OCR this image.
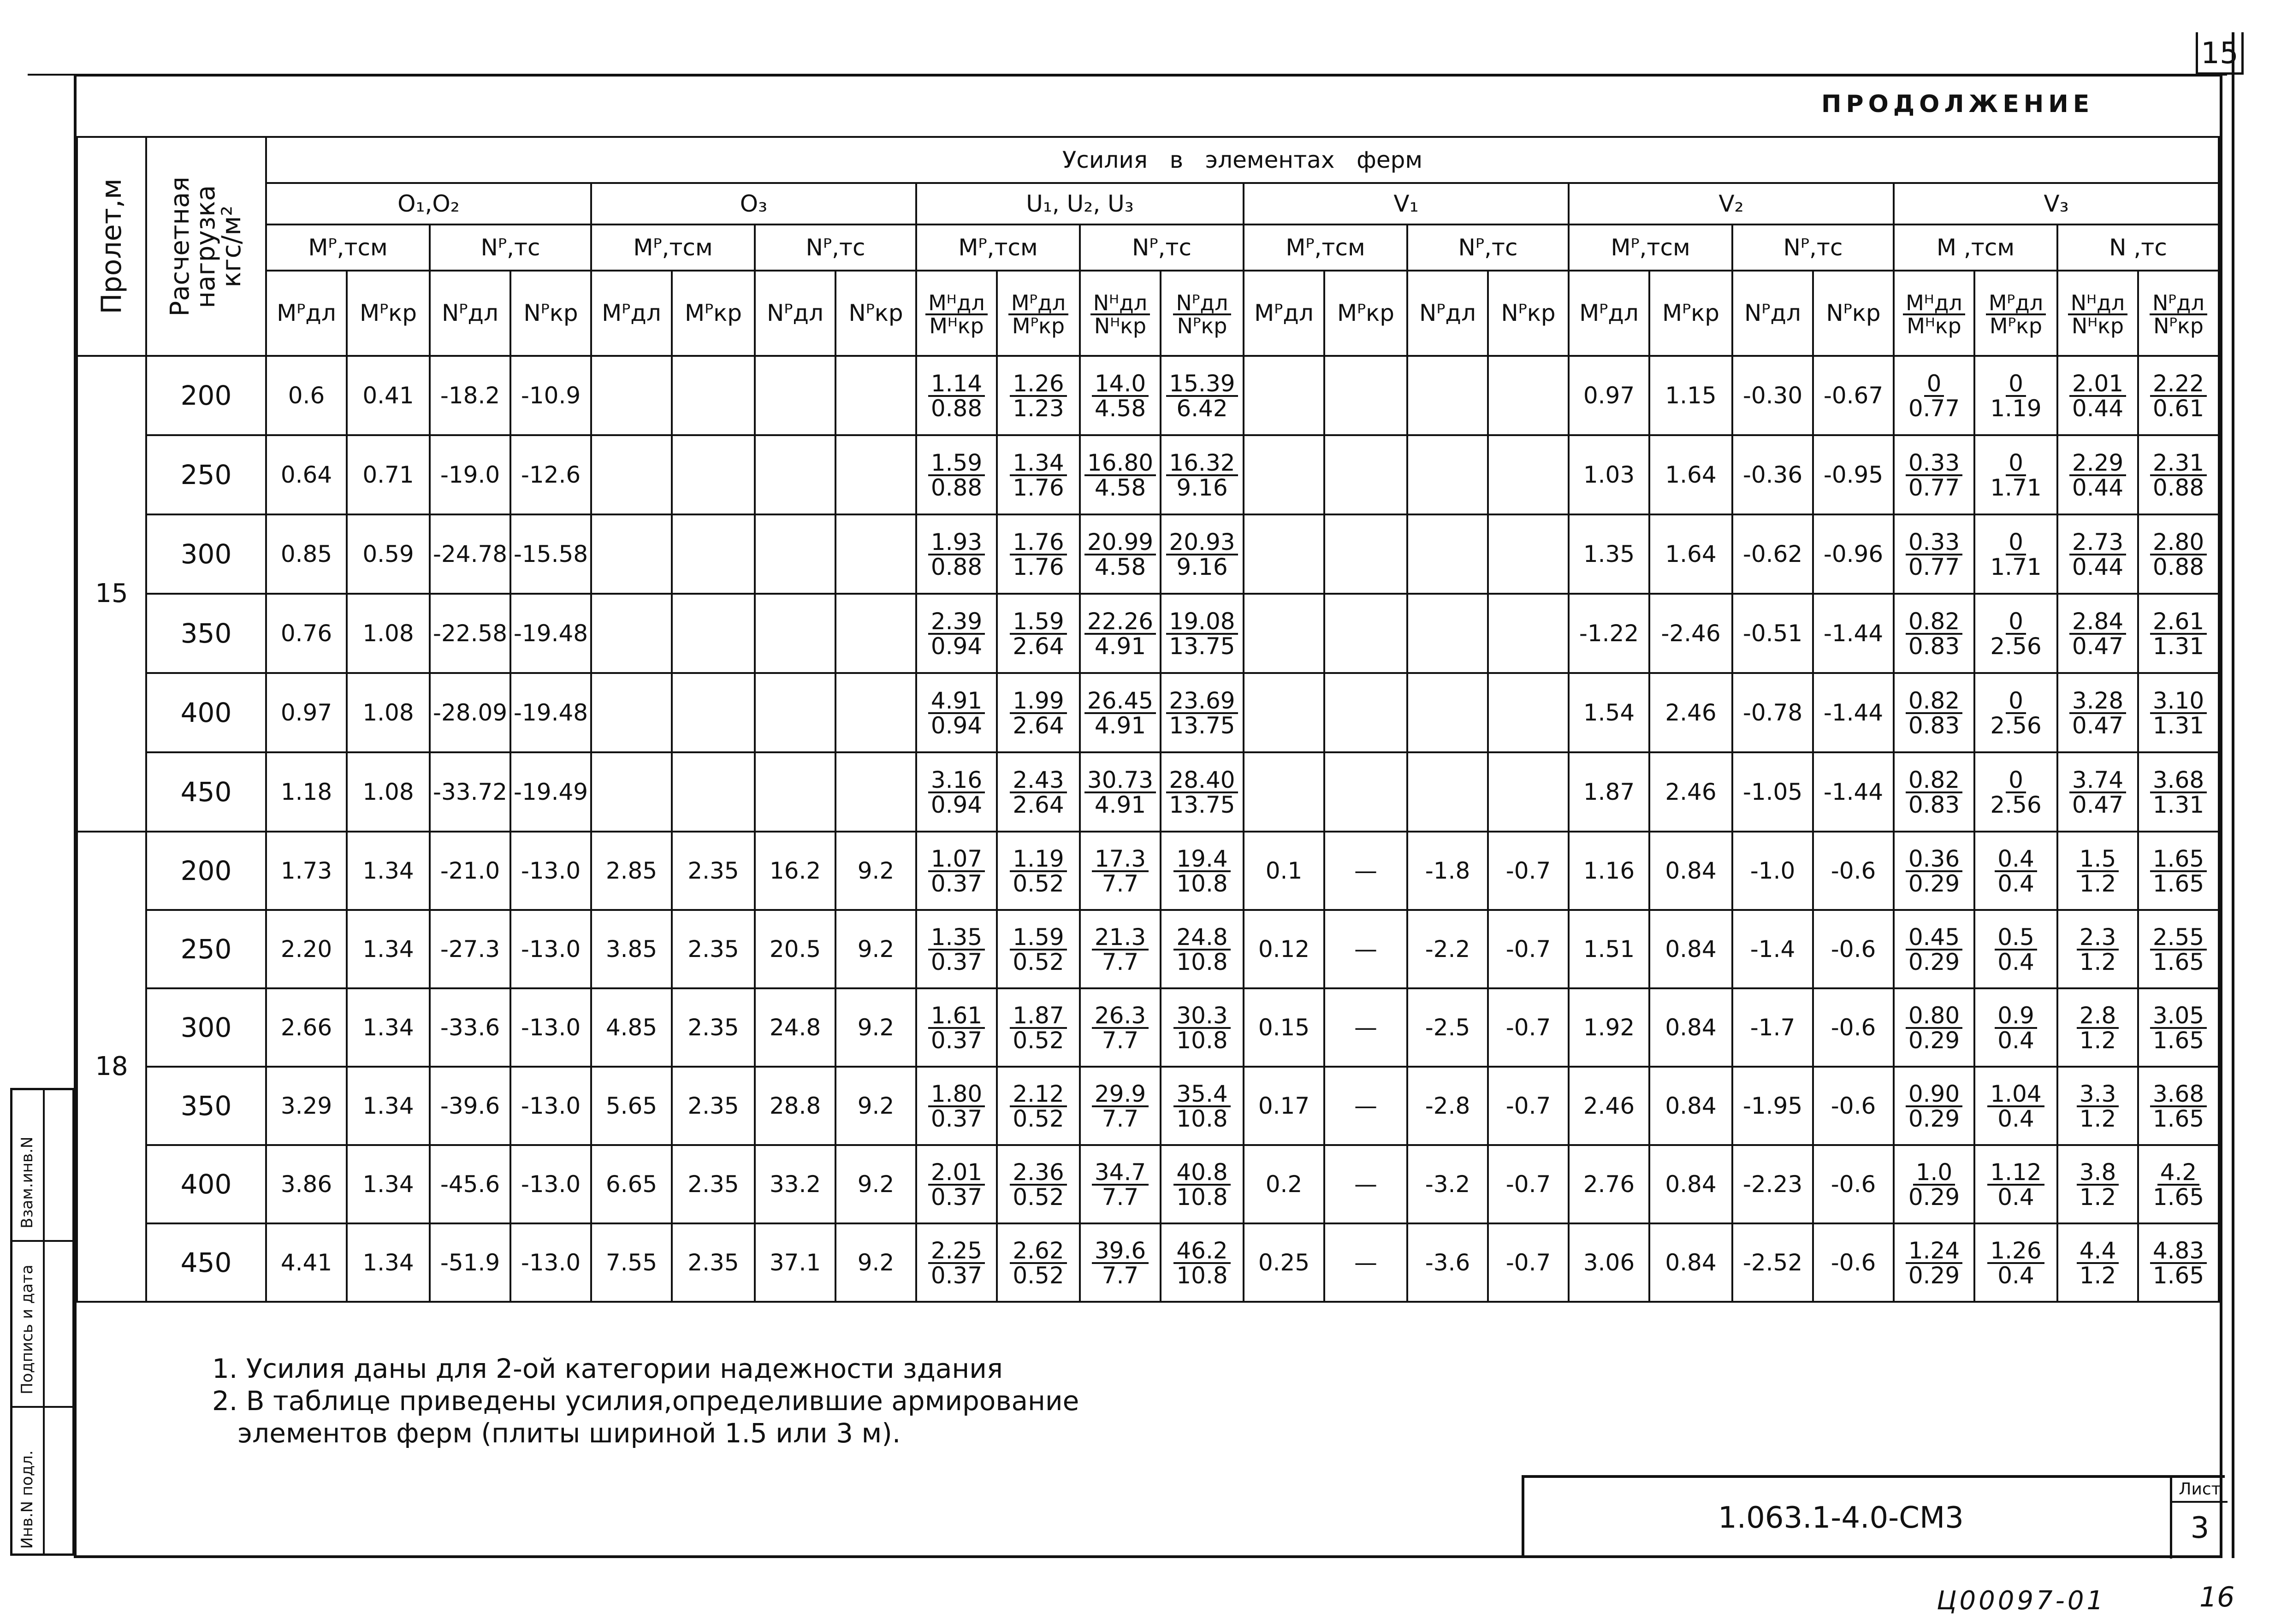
15
ПРОДОЛЖЕНИЕ
Пролет,м	Расчетная
нагрузка
кгс/м²	Усилия   в   элементах   ферм																							
		O₁,O₂				O₃				U₁, U₂, U₃				V₁				V₂				V₃			
		Мᴾ,тсм		Nᴾ,тс		Мᴾ,тсм		Nᴾ,тс		Мᴾ,тсм		Nᴾ,тс		Мᴾ,тсм		Nᴾ,тс		Мᴾ,тсм		Nᴾ,тс		М ,тсм		N ,тс	
		Мᴾдл	Мᴾкр	Nᴾдл	Nᴾкр	Мᴾдл	Мᴾкр	Nᴾдл	Nᴾкр	$\frac{\text{Мᴴдл}}{\text{Мᴴкр}}$	$\frac{\text{Мᴾдл}}{\text{Мᴾкр}}$	$\frac{\text{Nᴴдл}}{\text{Nᴴкр}}$	$\frac{\text{Nᴾдл}}{\text{Nᴾкр}}$	Мᴾдл	Мᴾкр	Nᴾдл	Nᴾкр	Мᴾдл	Мᴾкр	Nᴾдл	Nᴾкр	$\frac{\text{Мᴴдл}}{\text{Мᴴкр}}$	$\frac{\text{Мᴾдл}}{\text{Мᴾкр}}$	$\frac{\text{Nᴴдл}}{\text{Nᴴкр}}$	$\frac{\text{Nᴾдл}}{\text{Nᴾкр}}$

15	200	0.6	0.41	-18.2	-10.9					$\frac{1.14}{0.88}$	$\frac{1.26}{1.23}$	$\frac{14.0}{4.58}$	$\frac{15.39}{6.42}$					0.97	1.15	-0.30	-0.67	$\frac{0}{0.77}$	$\frac{0}{1.19}$	$\frac{2.01}{0.44}$	$\frac{2.22}{0.61}$

	250	0.64	0.71	-19.0	-12.6					$\frac{1.59}{0.88}$	$\frac{1.34}{1.76}$	$\frac{16.80}{4.58}$	$\frac{16.32}{9.16}$					1.03	1.64	-0.36	-0.95	$\frac{0.33}{0.77}$	$\frac{0}{1.71}$	$\frac{2.29}{0.44}$	$\frac{2.31}{0.88}$

	300	0.85	0.59	-24.78	-15.58					$\frac{1.93}{0.88}$	$\frac{1.76}{1.76}$	$\frac{20.99}{4.58}$	$\frac{20.93}{9.16}$					1.35	1.64	-0.62	-0.96	$\frac{0.33}{0.77}$	$\frac{0}{1.71}$	$\frac{2.73}{0.44}$	$\frac{2.80}{0.88}$

	350	0.76	1.08	-22.58	-19.48					$\frac{2.39}{0.94}$	$\frac{1.59}{2.64}$	$\frac{22.26}{4.91}$	$\frac{19.08}{13.75}$					-1.22	-2.46	-0.51	-1.44	$\frac{0.82}{0.83}$	$\frac{0}{2.56}$	$\frac{2.84}{0.47}$	$\frac{2.61}{1.31}$

	400	0.97	1.08	-28.09	-19.48					$\frac{4.91}{0.94}$	$\frac{1.99}{2.64}$	$\frac{26.45}{4.91}$	$\frac{23.69}{13.75}$					1.54	2.46	-0.78	-1.44	$\frac{0.82}{0.83}$	$\frac{0}{2.56}$	$\frac{3.28}{0.47}$	$\frac{3.10}{1.31}$

	450	1.18	1.08	-33.72	-19.49					$\frac{3.16}{0.94}$	$\frac{2.43}{2.64}$	$\frac{30.73}{4.91}$	$\frac{28.40}{13.75}$					1.87	2.46	-1.05	-1.44	$\frac{0.82}{0.83}$	$\frac{0}{2.56}$	$\frac{3.74}{0.47}$	$\frac{3.68}{1.31}$

18	200	1.73	1.34	-21.0	-13.0	2.85	2.35	16.2	9.2	$\frac{1.07}{0.37}$	$\frac{1.19}{0.52}$	$\frac{17.3}{7.7}$	$\frac{19.4}{10.8}$	0.1	—	-1.8	-0.7	1.16	0.84	-1.0	-0.6	$\frac{0.36}{0.29}$	$\frac{0.4}{0.4}$	$\frac{1.5}{1.2}$	$\frac{1.65}{1.65}$

	250	2.20	1.34	-27.3	-13.0	3.85	2.35	20.5	9.2	$\frac{1.35}{0.37}$	$\frac{1.59}{0.52}$	$\frac{21.3}{7.7}$	$\frac{24.8}{10.8}$	0.12	—	-2.2	-0.7	1.51	0.84	-1.4	-0.6	$\frac{0.45}{0.29}$	$\frac{0.5}{0.4}$	$\frac{2.3}{1.2}$	$\frac{2.55}{1.65}$

	300	2.66	1.34	-33.6	-13.0	4.85	2.35	24.8	9.2	$\frac{1.61}{0.37}$	$\frac{1.87}{0.52}$	$\frac{26.3}{7.7}$	$\frac{30.3}{10.8}$	0.15	—	-2.5	-0.7	1.92	0.84	-1.7	-0.6	$\frac{0.80}{0.29}$	$\frac{0.9}{0.4}$	$\frac{2.8}{1.2}$	$\frac{3.05}{1.65}$

	350	3.29	1.34	-39.6	-13.0	5.65	2.35	28.8	9.2	$\frac{1.80}{0.37}$	$\frac{2.12}{0.52}$	$\frac{29.9}{7.7}$	$\frac{35.4}{10.8}$	0.17	—	-2.8	-0.7	2.46	0.84	-1.95	-0.6	$\frac{0.90}{0.29}$	$\frac{1.04}{0.4}$	$\frac{3.3}{1.2}$	$\frac{3.68}{1.65}$

	400	3.86	1.34	-45.6	-13.0	6.65	2.35	33.2	9.2	$\frac{2.01}{0.37}$	$\frac{2.36}{0.52}$	$\frac{34.7}{7.7}$	$\frac{40.8}{10.8}$	0.2	—	-3.2	-0.7	2.76	0.84	-2.23	-0.6	$\frac{1.0}{0.29}$	$\frac{1.12}{0.4}$	$\frac{3.8}{1.2}$	$\frac{4.2}{1.65}$

	450	4.41	1.34	-51.9	-13.0	7.55	2.35	37.1	9.2	$\frac{2.25}{0.37}$	$\frac{2.62}{0.52}$	$\frac{39.6}{7.7}$	$\frac{46.2}{10.8}$	0.25	—	-3.6	-0.7	3.06	0.84	-2.52	-0.6	$\frac{1.24}{0.29}$	$\frac{1.26}{0.4}$	$\frac{4.4}{1.2}$	$\frac{4.83}{1.65}$
1. Усилия даны для 2-ой категории надежности здания
2. В таблице приведены усилия,определившие армирование
элементов ферм (плиты шириной 1.5 или 3 м).
1.063.1-4.0-СМ3
Лист
3
Взам.инв.N
Подпись и дата
Инв.N подл.
Ц00097-01	16
